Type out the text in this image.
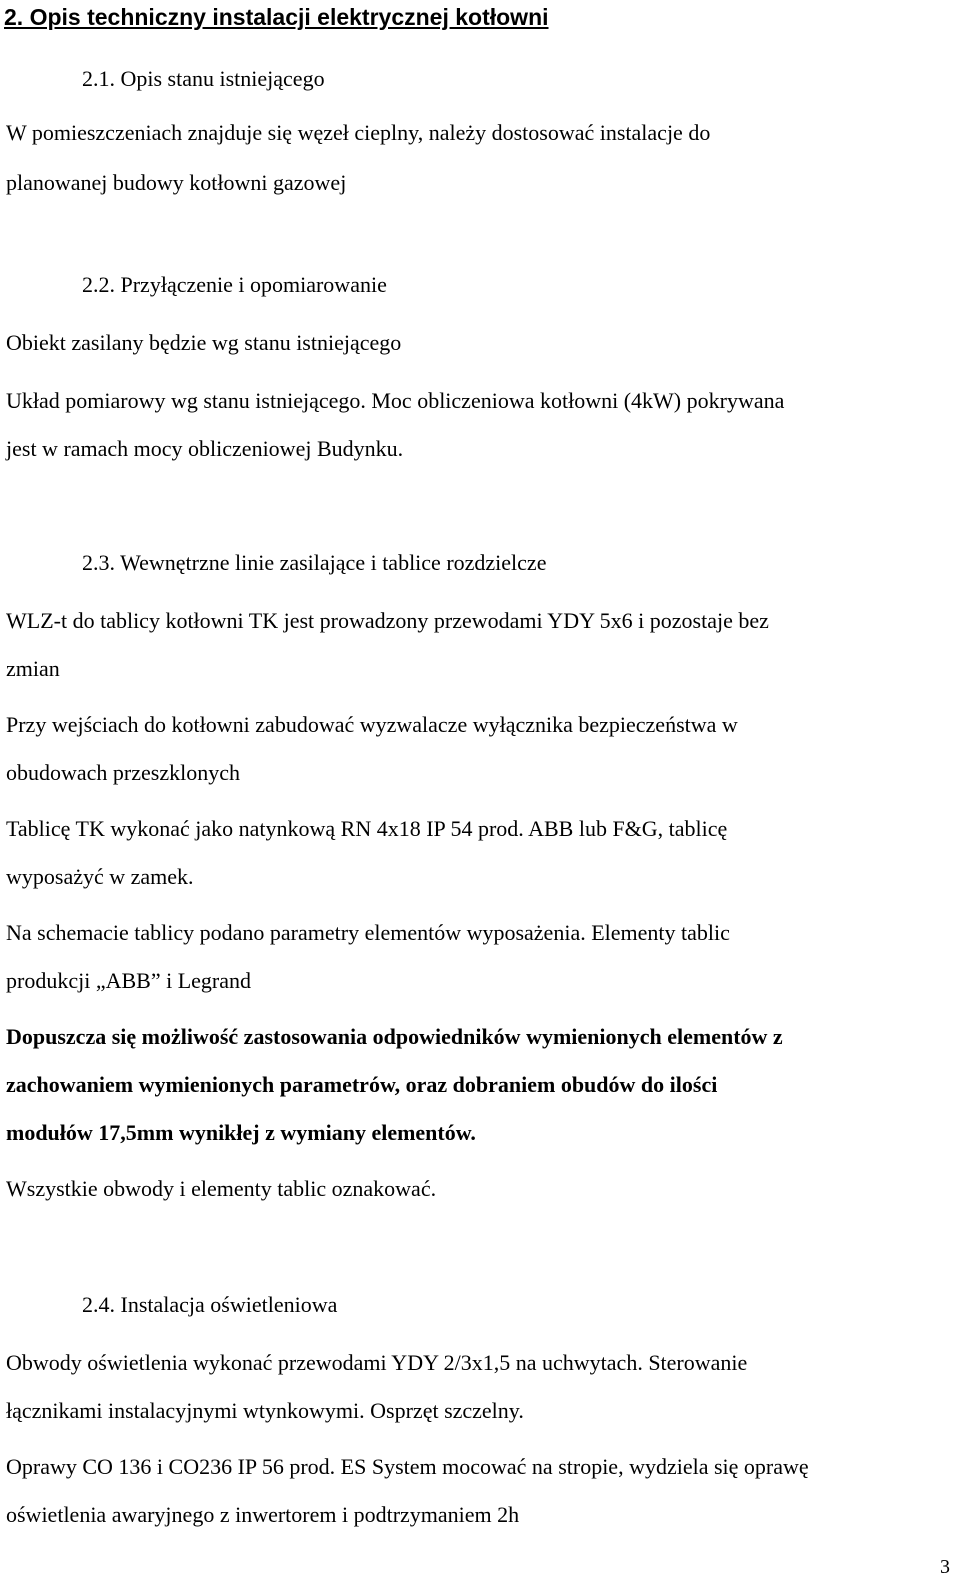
2. Opis techniczny instalacji elektrycznej kotłowni
2.1. Opis stanu istniejącego
W pomieszczeniach znajduje się węzeł cieplny, należy dostosować instalacje do
planowanej budowy kotłowni gazowej
2.2. Przyłączenie i opomiarowanie
Obiekt zasilany będzie wg stanu istniejącego
Układ pomiarowy wg stanu istniejącego. Moc obliczeniowa kotłowni (4kW) pokrywana
jest w ramach mocy obliczeniowej Budynku.
2.3. Wewnętrzne linie zasilające i tablice rozdzielcze
WLZ-t do tablicy kotłowni TK jest prowadzony przewodami YDY 5x6 i pozostaje bez
zmian
Przy wejściach do kotłowni zabudować wyzwalacze wyłącznika bezpieczeństwa w
obudowach przeszklonych
Tablicę TK wykonać jako natynkową RN 4x18 IP 54 prod. ABB lub F&G, tablicę
wyposażyć w zamek.
Na schemacie tablicy podano parametry elementów wyposażenia. Elementy tablic
produkcji „ABB” i Legrand
Dopuszcza się możliwość zastosowania odpowiedników wymienionych elementów z
zachowaniem wymienionych parametrów, oraz dobraniem obudów do ilości
modułów 17,5mm wynikłej z wymiany elementów.
Wszystkie obwody i elementy tablic oznakować.
2.4. Instalacja oświetleniowa
Obwody oświetlenia wykonać przewodami YDY 2/3x1,5 na uchwytach. Sterowanie
łącznikami instalacyjnymi wtynkowymi. Osprzęt szczelny.
Oprawy CO 136 i CO236 IP 56 prod. ES System mocować na stropie, wydziela się oprawę
oświetlenia awaryjnego z inwertorem i podtrzymaniem 2h
3
